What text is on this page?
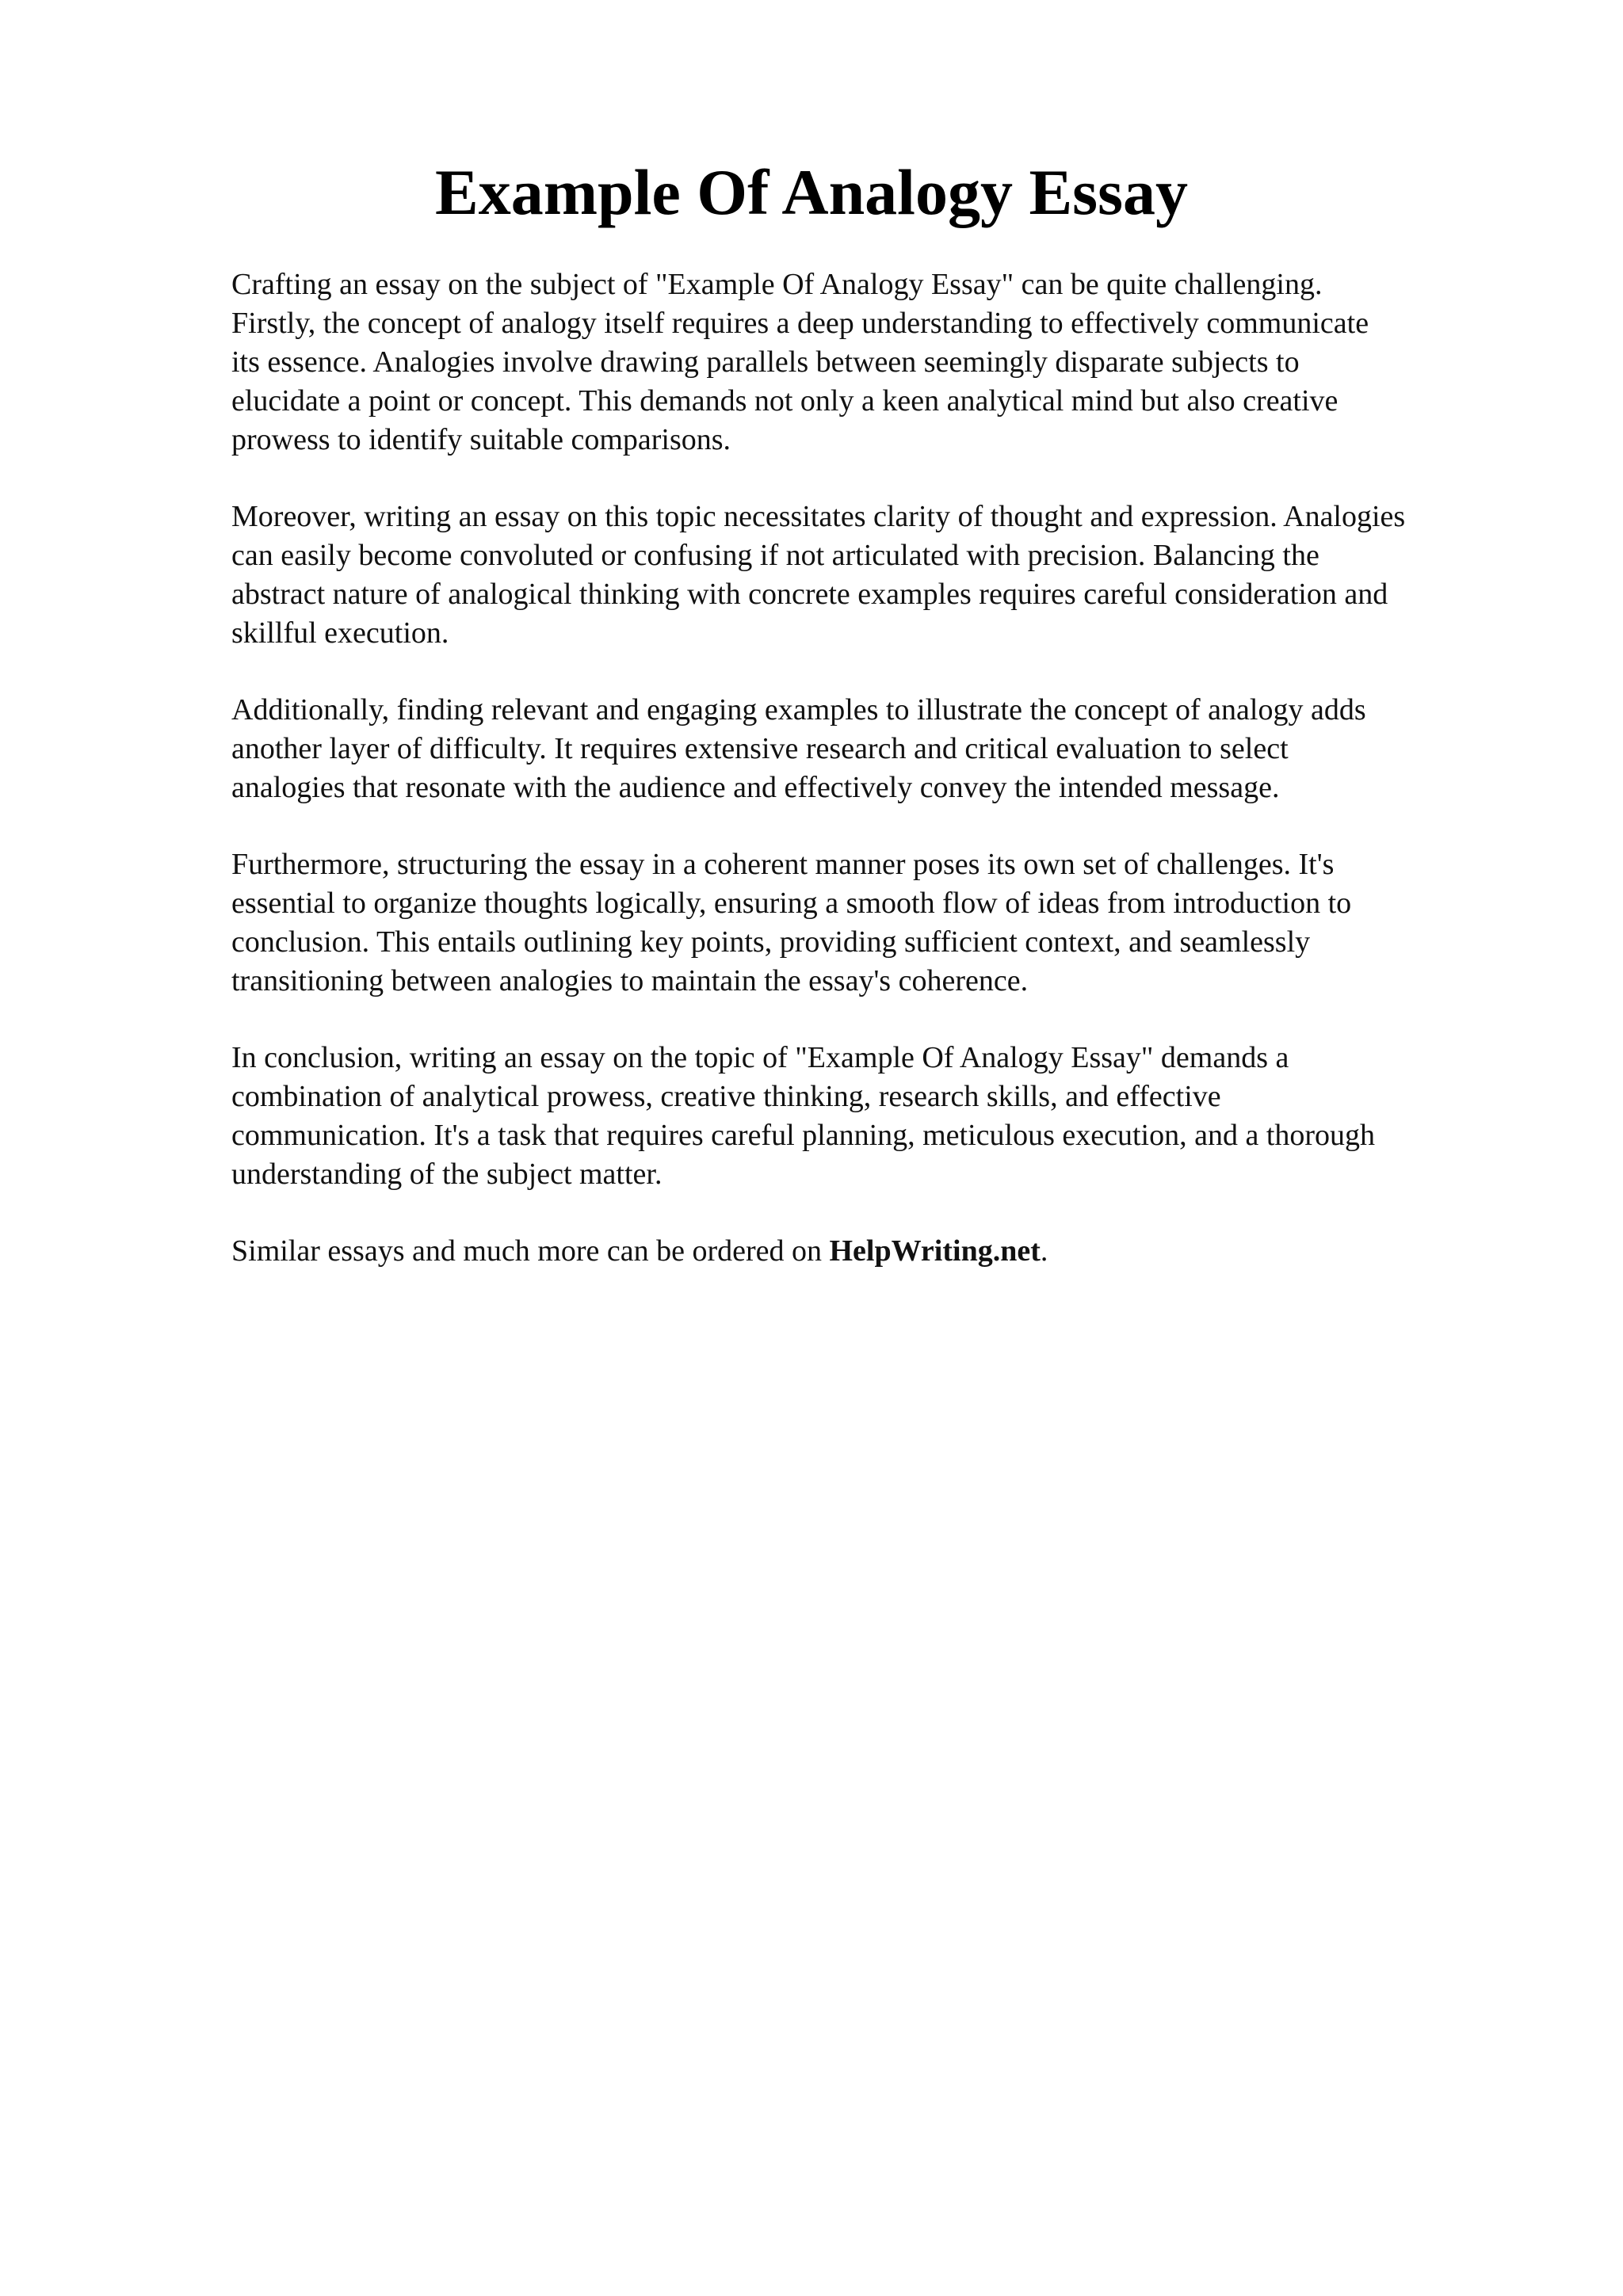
Example Of Analogy Essay

Crafting an essay on the subject of "Example Of Analogy Essay" can be quite challenging.
Firstly, the concept of analogy itself requires a deep understanding to effectively communicate
its essence. Analogies involve drawing parallels between seemingly disparate subjects to
elucidate a point or concept. This demands not only a keen analytical mind but also creative
prowess to identify suitable comparisons.

Moreover, writing an essay on this topic necessitates clarity of thought and expression. Analogies
can easily become convoluted or confusing if not articulated with precision. Balancing the
abstract nature of analogical thinking with concrete examples requires careful consideration and
skillful execution.

Additionally, finding relevant and engaging examples to illustrate the concept of analogy adds
another layer of difficulty. It requires extensive research and critical evaluation to select
analogies that resonate with the audience and effectively convey the intended message.

Furthermore, structuring the essay in a coherent manner poses its own set of challenges. It's
essential to organize thoughts logically, ensuring a smooth flow of ideas from introduction to
conclusion. This entails outlining key points, providing sufficient context, and seamlessly
transitioning between analogies to maintain the essay's coherence.

In conclusion, writing an essay on the topic of "Example Of Analogy Essay" demands a
combination of analytical prowess, creative thinking, research skills, and effective
communication. It's a task that requires careful planning, meticulous execution, and a thorough
understanding of the subject matter.

Similar essays and much more can be ordered on HelpWriting.net.
